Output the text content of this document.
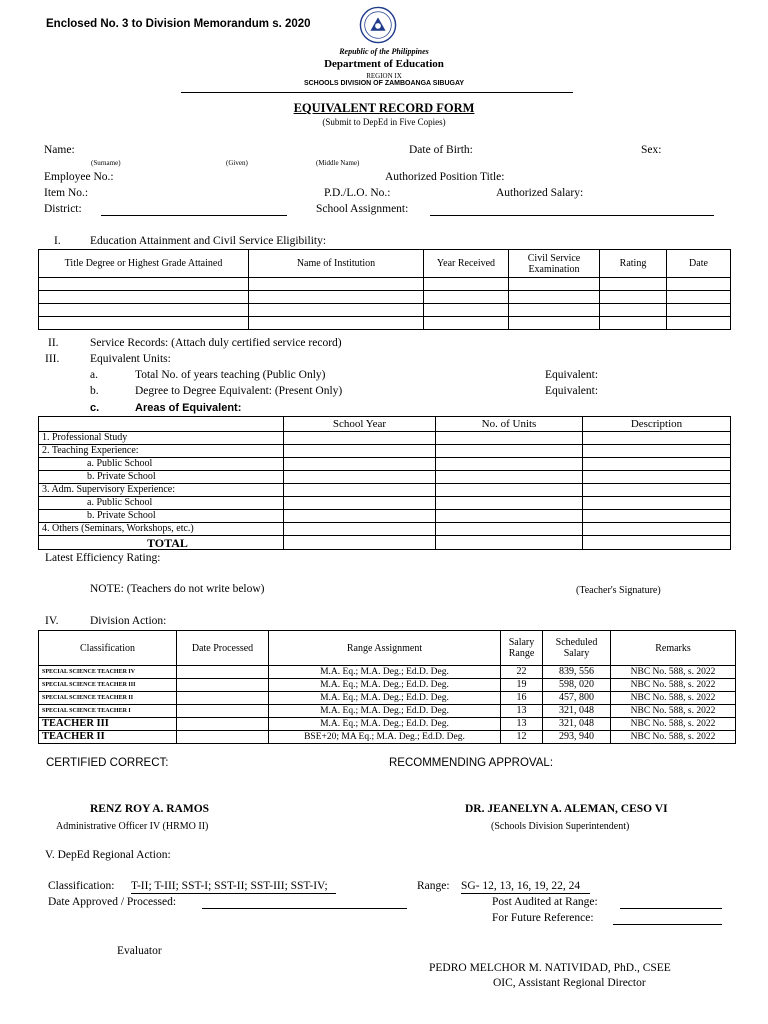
Enclosed No. 3 to Division Memorandum s. 2020
Republic of the Philippines
Department of Education
REGION IX
SCHOOLS DIVISION OF ZAMBOANGA SIBUGAY
EQUIVALENT RECORD FORM
(Submit to DepEd in Five Copies)
Name:	Date of Birth:	Sex:
(Surname)	(Given)	(Middle Name)
Employee No.:	Authorized Position Title:
Item No.:	P.D./L.O. No.:	Authorized Salary:
District:	School Assignment:
I.	Education Attainment and Civil Service Eligibility:
Title Degree or Highest Grade Attained	Name of Institution	Year Received	Civil Service Examination	Rating	Date

II.	Service Records: (Attach duly certified service record)
III.	Equivalent Units:
a.	Total No. of years teaching (Public Only)	Equivalent:
b.	Degree to Degree Equivalent: (Present Only)	Equivalent:
c.	Areas of Equivalent:
	School Year	No. of Units	Description
1. Professional Study			
2. Teaching Experience:			
a. Public School			
b. Private School			
3. Adm. Supervisory Experience:			
a. Public School			
b. Private School			
4. Others (Seminars, Workshops, etc.)			
TOTAL			
Latest Efficiency Rating:
NOTE: (Teachers do not write below)	(Teacher's Signature)
IV.	Division Action:
Classification	Date Processed	Range Assignment	Salary Range	Scheduled Salary	Remarks
SPECIAL SCIENCE TEACHER IV		M.A. Eq.; M.A. Deg.; Ed.D. Deg.	22	839, 556	NBC No. 588, s. 2022
SPECIAL SCIENCE TEACHER III		M.A. Eq.; M.A. Deg.; Ed.D. Deg.	19	598, 020	NBC No. 588, s. 2022
SPECIAL SCIENCE TEACHER II		M.A. Eq.; M.A. Deg.; Ed.D. Deg.	16	457, 800	NBC No. 588, s. 2022
SPECIAL SCIENCE TEACHER I		M.A. Eq.; M.A. Deg.; Ed.D. Deg.	13	321, 048	NBC No. 588, s. 2022
TEACHER III		M.A. Eq.; M.A. Deg.; Ed.D. Deg.	13	321, 048	NBC No. 588, s. 2022
TEACHER II		BSE+20; MA Eq.; M.A. Deg.; Ed.D. Deg.	12	293, 940	NBC No. 588, s. 2022
CERTIFIED CORRECT:	RECOMMENDING APPROVAL:
RENZ ROY A. RAMOS
Administrative Officer IV (HRMO II)
DR. JEANELYN A. ALEMAN, CESO VI
(Schools Division Superintendent)
V. DepEd Regional Action:
Classification: T-II; T-III; SST-I; SST-II; SST-III; SST-IV;	Range: SG- 12, 13, 16, 19, 22, 24
Date Approved / Processed:	Post Audited at Range:
For Future Reference:
Evaluator
PEDRO MELCHOR M. NATIVIDAD, PhD., CSEE
OIC, Assistant Regional Director
